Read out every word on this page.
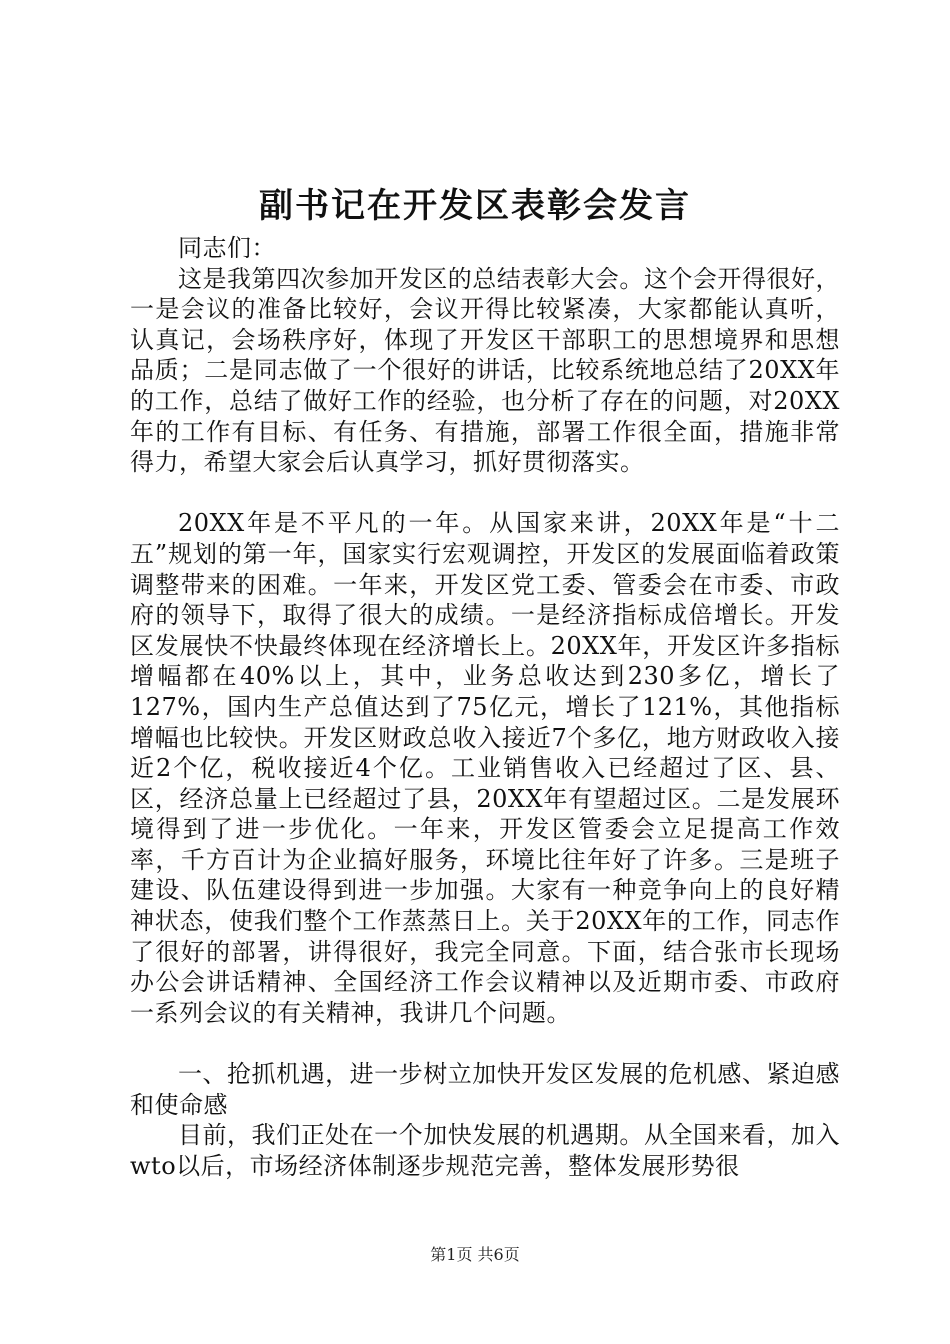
副书记在开发区表彰会发言

同志们：

这是我第四次参加开发区的总结表彰大会。这个会开得很好，一是会议的准备比较好，会议开得比较紧凑，大家都能认真听，认真记，会场秩序好，体现了开发区干部职工的思想境界和思想品质；二是同志做了一个很好的讲话，比较系统地总结了20XX年的工作，总结了做好工作的经验，也分析了存在的问题，对20XX年的工作有目标、有任务、有措施，部署工作很全面，措施非常得力，希望大家会后认真学习，抓好贯彻落实。

20XX年是不平凡的一年。从国家来讲，20XX年是“十二五”规划的第一年，国家实行宏观调控，开发区的发展面临着政策调整带来的困难。一年来，开发区党工委、管委会在市委、市政府的领导下，取得了很大的成绩。一是经济指标成倍增长。开发区发展快不快最终体现在经济增长上。20XX年，开发区许多指标增幅都在40%以上，其中，业务总收达到230多亿，增长了127%，国内生产总值达到了75亿元，增长了121%，其他指标增幅也比较快。开发区财政总收入接近7个多亿，地方财政收入接近2个亿，税收接近4个亿。工业销售收入已经超过了区、县、区，经济总量上已经超过了县，20XX年有望超过区。二是发展环境得到了进一步优化。一年来，开发区管委会立足提高工作效率，千方百计为企业搞好服务，环境比往年好了许多。三是班子建设、队伍建设得到进一步加强。大家有一种竞争向上的良好精神状态，使我们整个工作蒸蒸日上。关于20XX年的工作，同志作了很好的部署，讲得很好，我完全同意。下面，结合张市长现场办公会讲话精神、全国经济工作会议精神以及近期市委、市政府一系列会议的有关精神，我讲几个问题。

一、抢抓机遇，进一步树立加快开发区发展的危机感、紧迫感和使命感

目前，我们正处在一个加快发展的机遇期。从全国来看，加入wto以后，市场经济体制逐步规范完善，整体发展形势很

第1页 共6页
